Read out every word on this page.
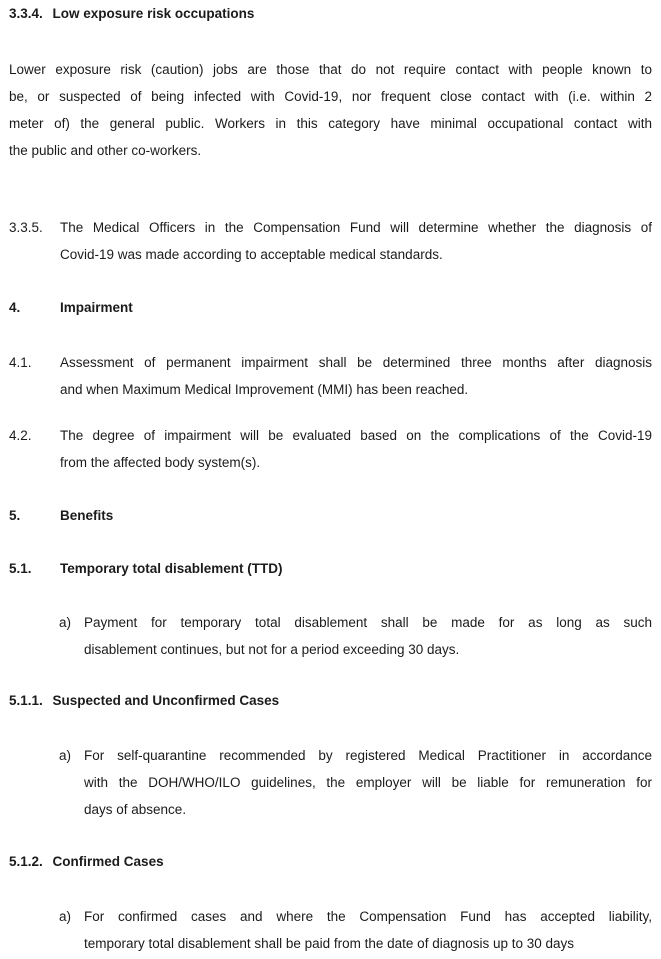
3.3.4. Low exposure risk occupations
Lower exposure risk (caution) jobs are those that do not require contact with people known to
be, or suspected of being infected with Covid-19, nor frequent close contact with (i.e. within 2
meter of) the general public. Workers in this category have minimal occupational contact with
the public and other co-workers.
3.3.5. The Medical Officers in the Compensation Fund will determine whether the diagnosis of
Covid-19 was made according to acceptable medical standards.
4.	Impairment
4.1. Assessment of permanent impairment shall be determined three months after diagnosis
and when Maximum Medical Improvement (MMI) has been reached.
4.2. The degree of impairment will be evaluated based on the complications of the Covid-19
from the affected body system(s).
5.	Benefits
5.1. Temporary total disablement (TTD)
a) Payment for temporary total disablement shall be made for as long as such
disablement continues, but not for a period exceeding 30 days.
5.1.1. Suspected and Unconfirmed Cases
a) For self-quarantine recommended by registered Medical Practitioner in accordance
with the DOH/WHO/ILO guidelines, the employer will be liable for remuneration for
days of absence.
5.1.2. Confirmed Cases
a) For confirmed cases and where the Compensation Fund has accepted liability,
temporary total disablement shall be paid from the date of diagnosis up to 30 days
